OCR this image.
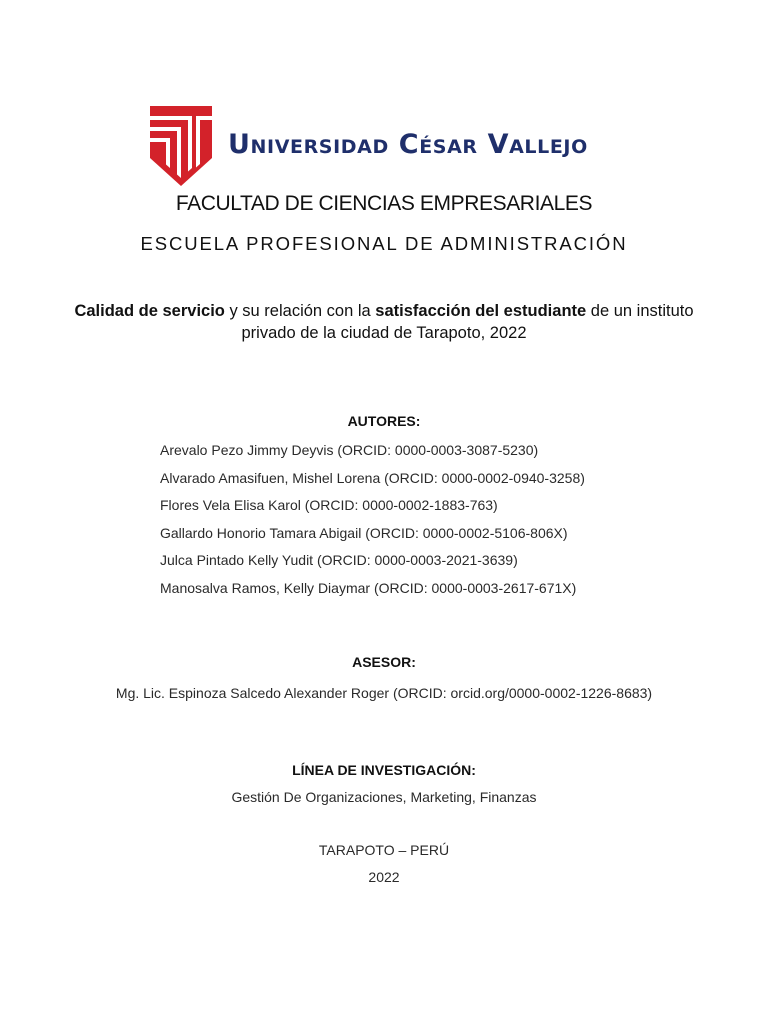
Universidad César Vallejo
FACULTAD DE CIENCIAS EMPRESARIALES
ESCUELA PROFESIONAL DE ADMINISTRACIÓN
Calidad de servicio y su relación con la satisfacción del estudiante de un instituto privado de la ciudad de Tarapoto, 2022
AUTORES:
Arevalo Pezo Jimmy Deyvis (ORCID: 0000-0003-3087-5230)
Alvarado Amasifuen, Mishel Lorena (ORCID: 0000-0002-0940-3258)
Flores Vela Elisa Karol (ORCID: 0000-0002-1883-763)
Gallardo Honorio Tamara Abigail (ORCID: 0000-0002-5106-806X)
Julca Pintado Kelly Yudit (ORCID: 0000-0003-2021-3639)
Manosalva Ramos, Kelly Diaymar (ORCID: 0000-0003-2617-671X)
ASESOR:
Mg. Lic. Espinoza Salcedo Alexander Roger (ORCID: orcid.org/0000-0002-1226-8683)
LÍNEA DE INVESTIGACIÓN:
Gestión De Organizaciones, Marketing, Finanzas
TARAPOTO – PERÚ
2022
